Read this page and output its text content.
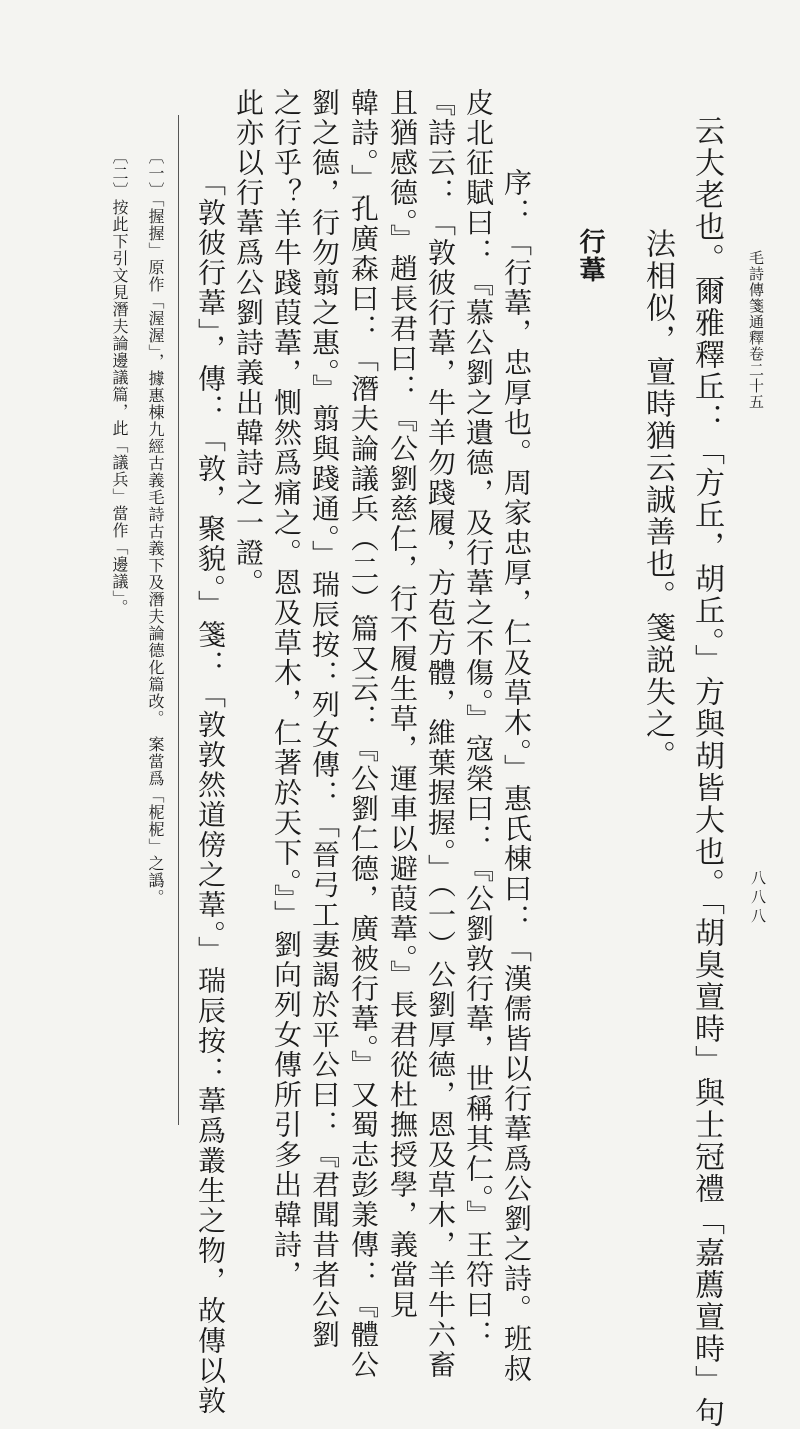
毛詩傳箋通釋卷二十五
八八八
云大老也。爾雅釋丘：「方丘，胡丘。」方與胡皆大也。「胡臭亶時」與士冠禮「嘉薦亶時」句
法相似，亶時猶云誠善也。箋説失之。
行葦
序：「行葦，忠厚也。周家忠厚，仁及草木。」惠氏棟曰：「漢儒皆以行葦爲公劉之詩。班叔
皮北征賦曰：『慕公劉之遺德，及行葦之不傷。』寇榮曰：『公劉敦行葦，世稱其仁。』王符曰：
『詩云：「敦彼行葦，牛羊勿踐履，方苞方體，維葉握握。」（一）公劉厚德，恩及草木，羊牛六畜
且猶感德。』趙長君曰：『公劉慈仁，行不履生草，運車以避葭葦。』長君從杜撫授學，義當見
韓詩。」孔廣森曰：「潛夫論議兵（二）篇又云：『公劉仁德，廣被行葦。』又蜀志彭羕傳：『體公
劉之德，行勿翦之惠。』翦與踐通。」瑞辰按：列女傳：「晉弓工妻謁於平公曰：『君聞昔者公劉
之行乎？羊牛踐葭葦，惻然爲痛之。恩及草木，仁著於天下。』」劉向列女傳所引多出韓詩，
此亦以行葦爲公劉詩義出韓詩之一證。
「敦彼行葦」，傳：「敦，聚貌。」箋：「敦敦然道傍之葦。」瑞辰按：葦爲叢生之物，故傳以敦
〔一〕「握握」原作「渥渥」，據惠棟九經古義毛詩古義下及潛夫論德化篇改。　案當爲「柅柅」之譌。
〔二〕按此下引文見潛夫論邊議篇，此「議兵」當作「邊議」。
